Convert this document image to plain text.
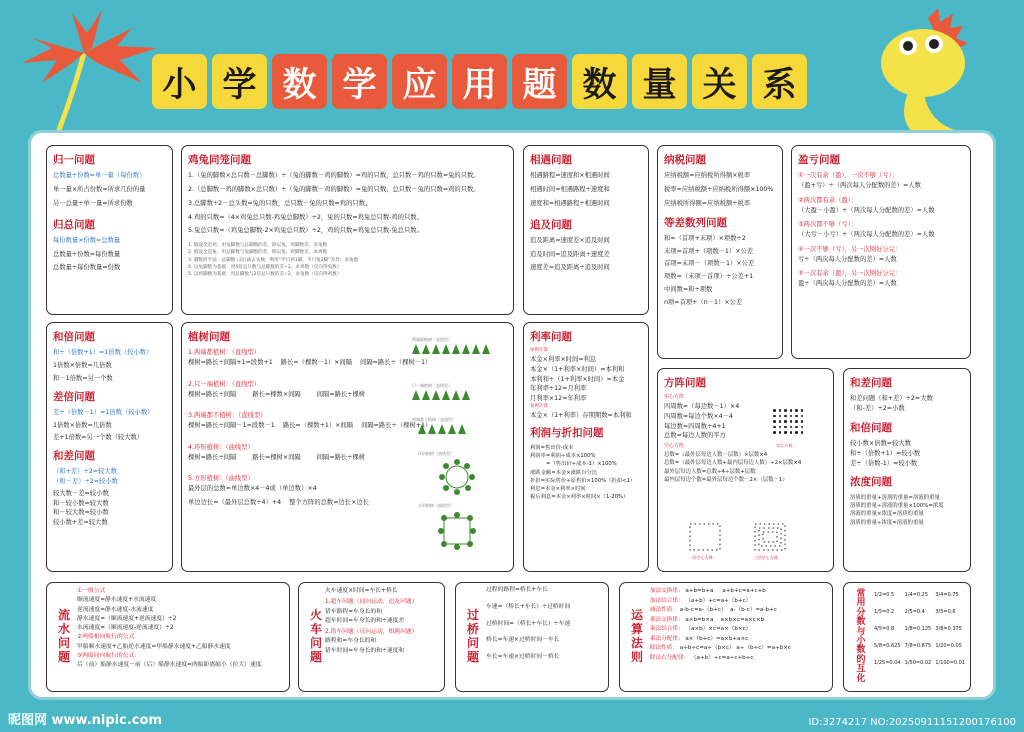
小 学 数 学 应 用 题 数 量 关 系
归一问题
总数量÷份数=单一量（每份数）
单一量×所占份数=所求几份的量
另一总量÷单一量=所求份数
归总问题
每份数量×份数=总数量
总数量÷份数=每份数量
总数量÷每份数量=份数
鸡兔同笼问题
1.（兔的脚数×总只数－总脚数）÷（兔的脚数－鸡的脚数）=鸡的只数，总只数－鸡的只数=兔的只数。
2.（总脚数－鸡的脚数×总只数）÷（兔的脚数－鸡的脚数）=兔的只数，总只数－兔的只数=鸡的只数。
3.总脚数÷2－总头数=兔的只数，总只数－兔的只数=鸡的只数。
4.鸡的只数=（4×鸡兔总只数-鸡兔总脚数）÷2，兔的只数=鸡兔总只数-鸡的只数。
5.兔总只数=（鸡兔总脚数-2×鸡兔总只数）÷2，鸡的只数=鸡兔总只数-兔总只数。
1. 假设全是鸡：用兔脚数与总脚数的差，除以兔、鸡脚数差，求兔数
2. 假设全是兔：用总脚数与兔脚数的差，除以兔、鸡脚数差，求鸡数
3. 脚数折半法：总脚数÷2后减去头数，利用“半只鸡1脚、半只兔2脚”差异，求兔数
4. 以兔脚数为基础：用4倍总只数与总脚数的差÷2，求鸡数（反向得兔数）
5. 以鸡脚数为基础：用总脚数与2倍总只数的差÷2，求兔数（反向得鸡数）
相遇问题
相遇路程=速度和×相遇时间
相遇时间=相遇路程÷速度和
速度和=相遇路程÷相遇时间
追及问题
追及距离=速度差×追及时间
追及时间=追及距离÷速度差
速度差=追及距离÷追及时间
纳税问题
应纳税额=应纳税所得额×税率
税率=应纳税额÷应纳税所得额×100%
应纳税所得额=应纳税额÷税率
等差数列问题
和=（首项+末项）×项数÷2
末项=首项+（项数－1）×公差
首项=末项－（项数－1）×公差
项数=（末项－首项）÷公差+1
中间数=和÷项数
n项=首项+（n－1）×公差
盈亏问题
①一次有余（盈），一次不够（亏）：
（盈+亏）÷（两次每人分配数的差）=人数
②两次都有余（盈）：
（大盈－小盈）÷（两次每人分配数的差）=人数
③两次都不够（亏）：
（大亏－小亏）÷（两次每人分配数的差）=人数
④一次不够（亏），另一次刚好分完：
亏÷（两次每人分配数的差）=人数
⑤一次有余（盈），另一次刚好分完：
盈÷（两次每人分配数的差）=人数
和倍问题
和÷（倍数+1）=1倍数（较小数）
1倍数×倍数=几倍数
和－1倍数=另一个数
差倍问题
差÷（倍数－1）=1倍数（较小数）
1倍数×倍数=几倍数
差+1倍数=另一个数（较大数）
和差问题
（和+差）÷2=较大数
（和－差）÷2=较小数
较大数－差=较小数
和－较小数=较大数
和－较大数=较小数
较小数+差=较大数
植树问题
1.两端都植树：（直线型）
棵树=路长÷间隔+1=段数+1 路长=（棵数－1）×间隔 间隔=路长÷（棵树－1）
2.只一端植树：（直线型）
棵树=路长÷间隔	路长=棵数×间隔	间隔=路长÷棵树
3.两端都不植树：（直线型）
棵树=路长÷间隔－1=段数－1 路长=（棵数+1）×间隔 间隔=路长÷（棵树+1）
4.环形植树：（曲线型）
棵树=路长÷间隔	路长=棵树×间隔	间隔=路长÷棵树
5.方形植树：（曲线型）
最外层的总数=单边数×4－4或（单边数）×4
单边边长=（最外层总数÷4）+4 整个方阵的总数=边长×边长
两端都植树（直线型）
只一端植树（直线型）
两端都不植树（直线型）
环形植树（曲线型）
方形植树（曲线型）
利率问题
单利计算
本金×利率×时间=利息
本金×（1+利率×时间）=本利和
本利和÷（1+利率×时间）=本金
年利率÷12=月利率
月利率×12=年利率
复利计算
本金×（1+利率）存期期数=本利和
利润与折扣问题
利润=售出价-成本
利润率=利润÷成本×100%
=（售出价÷成本-1）×100%
涨跌金额=本金×涨跌百分比
折扣=实际售价÷原售价×100%（折扣<1）
利息=本金×利率×时间
税后利息=本金×利率×时间×（1-20%）
方阵问题
实心方阵
四周数=（每边数－1）×4
四周数=每边个数×4－4
每边数=四周数÷4+1
总数=每边人数的平方
空心方阵
总数=（最外层每边人数－层数）×层数×4
总数=（最外层每边人数+最内层每边人数）÷2×层数×4
最外层每边人数=总数÷4÷层数+层数
最内层每边个数=最外层每边个数－2×（层数－1）
实心方阵
一层空心方阵	三层空心方阵
和差问题
和差问题（和+差）÷2=大数
（和-差）÷2=小数
和倍问题
较小数×倍数=较大数
和÷（倍数+1）=较小数
差÷（倍数-1）=较小数
浓度问题
溶质的重量+溶剂的重量=溶液的重量
溶质的重量÷溶液的重量×100%=浓度
溶液的重量×浓度=溶质的重量
溶质的重量÷浓度=溶液的重量
流
水
问
题
①一般公式
顺流速度=静水速度+水流速度
逆流速度=静水速度-水流速度
静水速度=（顺流速度+逆流速度）÷2
水流速度=（顺流速度-逆流速度）÷2
②两船相向航行的公式
甲船顺水速度+乙船逆水速度=甲船静水速度+乙船静水速度
③两船同向航行的公式：
后（前）船静水速度－前（后）船静水速度=两船距离缩小（拉大）速度
火
车
问
题
火车速度×时间=车长+桥长
1.超车问题（同向运动，追及问题）
错车路程=车身长的和
超车时间=车身长的和÷速度差
2.错车问题（反向运动，相遇问题）
路程和=车身长的和
错车时间=车身长的和÷速度和
过
桥
问
题
过程的路程=桥长+车长
车速=（桥长+车长）÷过桥时间
过桥时间=（桥长+车长）÷车速
桥长=车速×过桥时间－车长
车长=车速×过桥时间－桥长
运
算
法
则
加法交换律： a+b=b+a a+b+c=a+c+b
加法结合律： （a+b）+c=a+（b+c）
减法性质： a-b-c=a-（b+c） a-（b-c）=a-b+c
乘法交换律： a×b=b×a a×b×c=a×c×b
乘法结合律： （a×b）×c=a×（b×c）
乘法分配律： a×（b+c）=a×b+a×c
除法性质： a÷b÷c=a÷（b×c） a÷（b÷c）=a÷b×c
除法右分配律： （a+b）÷c=a÷c+b÷c
常
用
分
数
与
小
数
的
互
化
1/2=0.5	1/4=0.25	3/4=0.75
1/5=0.2	2/5=0.4	3/5=0.6
4/5=0.8	1/8=0.125 3/8=0.375
5/8=0.625 7/8=0.875 1/20=0.05
1/25=0.04 1/50=0.02 1/100=0.01
昵图网 www.nipic.com	ID:3274217 NO:20250911151200176100
